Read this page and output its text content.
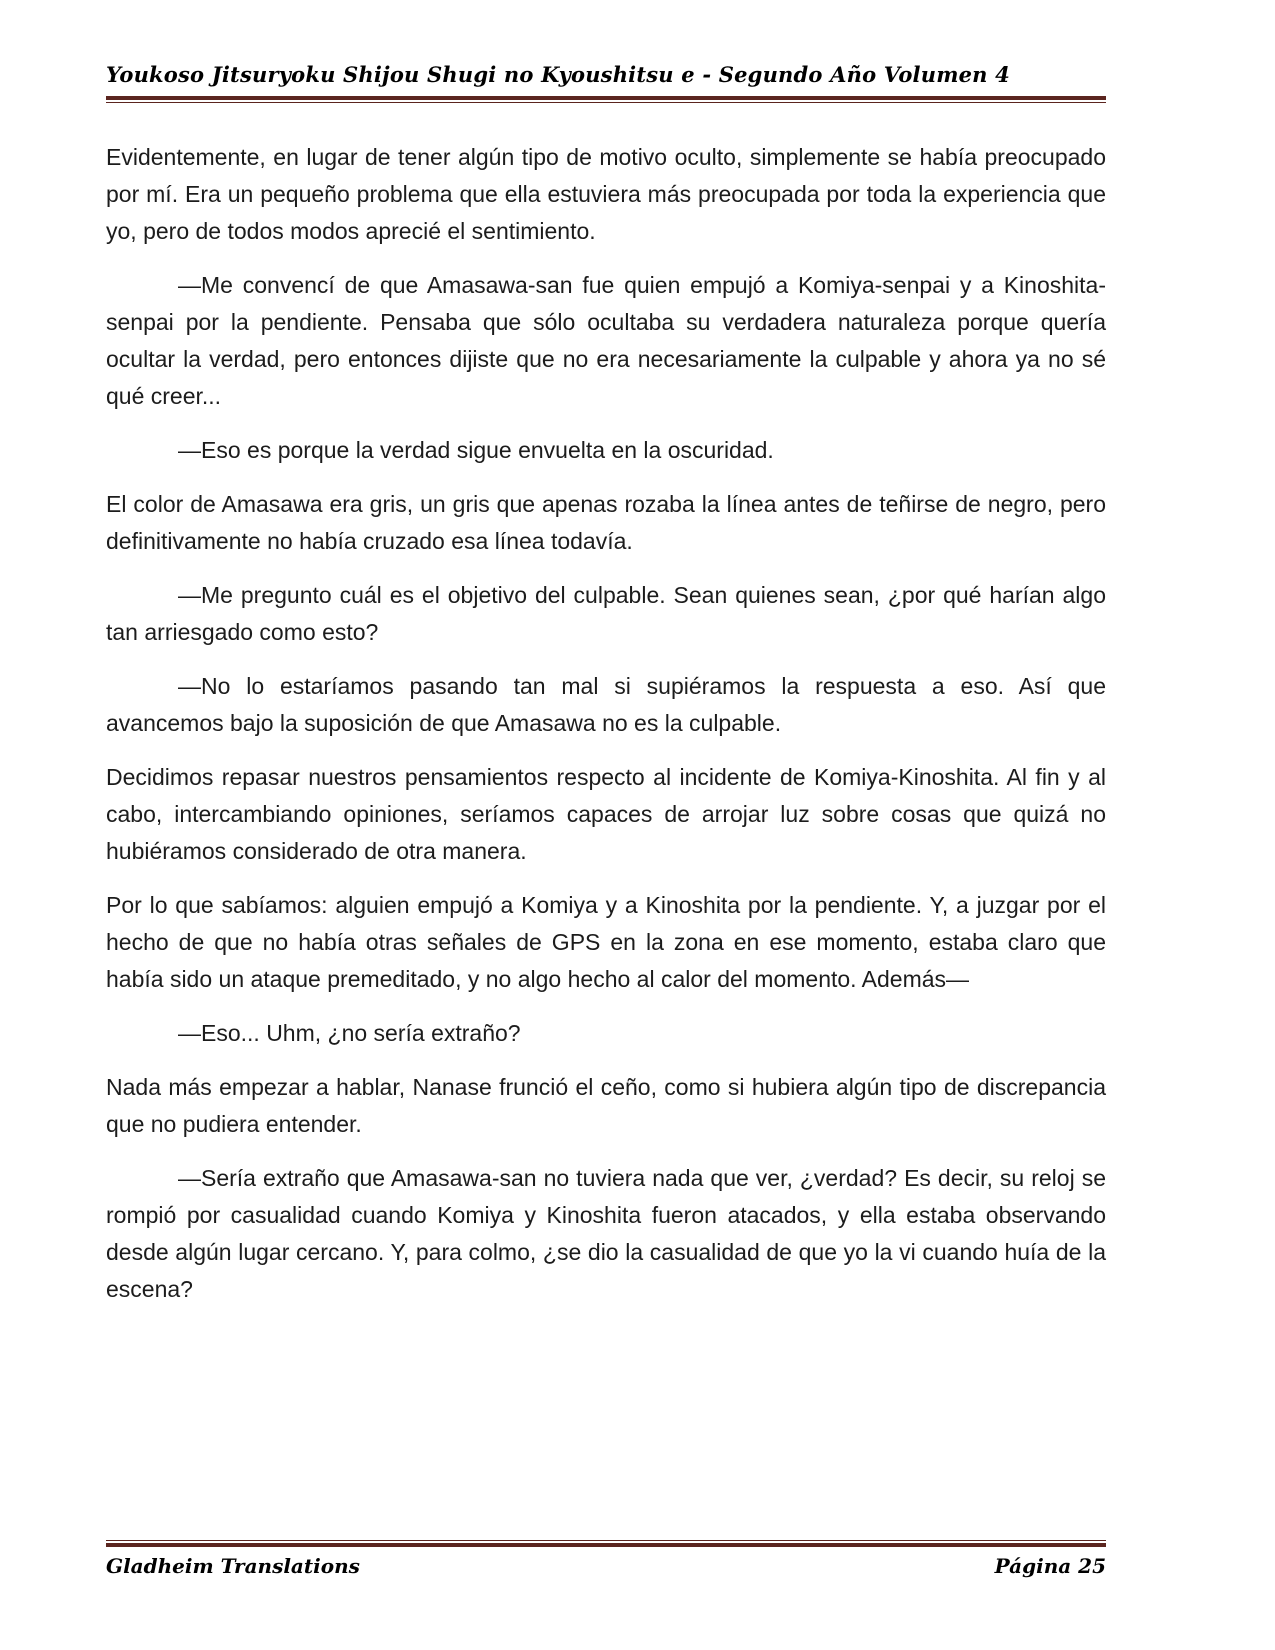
Youkoso Jitsuryoku Shijou Shugi no Kyoushitsu e - Segundo Año Volumen 4

Evidentemente, en lugar de tener algún tipo de motivo oculto, simplemente se había preocupado por mí. Era un pequeño problema que ella estuviera más preocupada por toda la experiencia que yo, pero de todos modos aprecié el sentimiento.

—Me convencí de que Amasawa-san fue quien empujó a Komiya-senpai y a Kinoshita-senpai por la pendiente. Pensaba que sólo ocultaba su verdadera naturaleza porque quería ocultar la verdad, pero entonces dijiste que no era necesariamente la culpable y ahora ya no sé qué creer...

—Eso es porque la verdad sigue envuelta en la oscuridad.

El color de Amasawa era gris, un gris que apenas rozaba la línea antes de teñirse de negro, pero definitivamente no había cruzado esa línea todavía.

—Me pregunto cuál es el objetivo del culpable. Sean quienes sean, ¿por qué harían algo tan arriesgado como esto?

—No lo estaríamos pasando tan mal si supiéramos la respuesta a eso. Así que avancemos bajo la suposición de que Amasawa no es la culpable.

Decidimos repasar nuestros pensamientos respecto al incidente de Komiya-Kinoshita. Al fin y al cabo, intercambiando opiniones, seríamos capaces de arrojar luz sobre cosas que quizá no hubiéramos considerado de otra manera.

Por lo que sabíamos: alguien empujó a Komiya y a Kinoshita por la pendiente. Y, a juzgar por el hecho de que no había otras señales de GPS en la zona en ese momento, estaba claro que había sido un ataque premeditado, y no algo hecho al calor del momento. Además—

—Eso... Uhm, ¿no sería extraño?

Nada más empezar a hablar, Nanase frunció el ceño, como si hubiera algún tipo de discrepancia que no pudiera entender.

—Sería extraño que Amasawa-san no tuviera nada que ver, ¿verdad? Es decir, su reloj se rompió por casualidad cuando Komiya y Kinoshita fueron atacados, y ella estaba observando desde algún lugar cercano. Y, para colmo, ¿se dio la casualidad de que yo la vi cuando huía de la escena?

Gladheim Translations	Página 25
